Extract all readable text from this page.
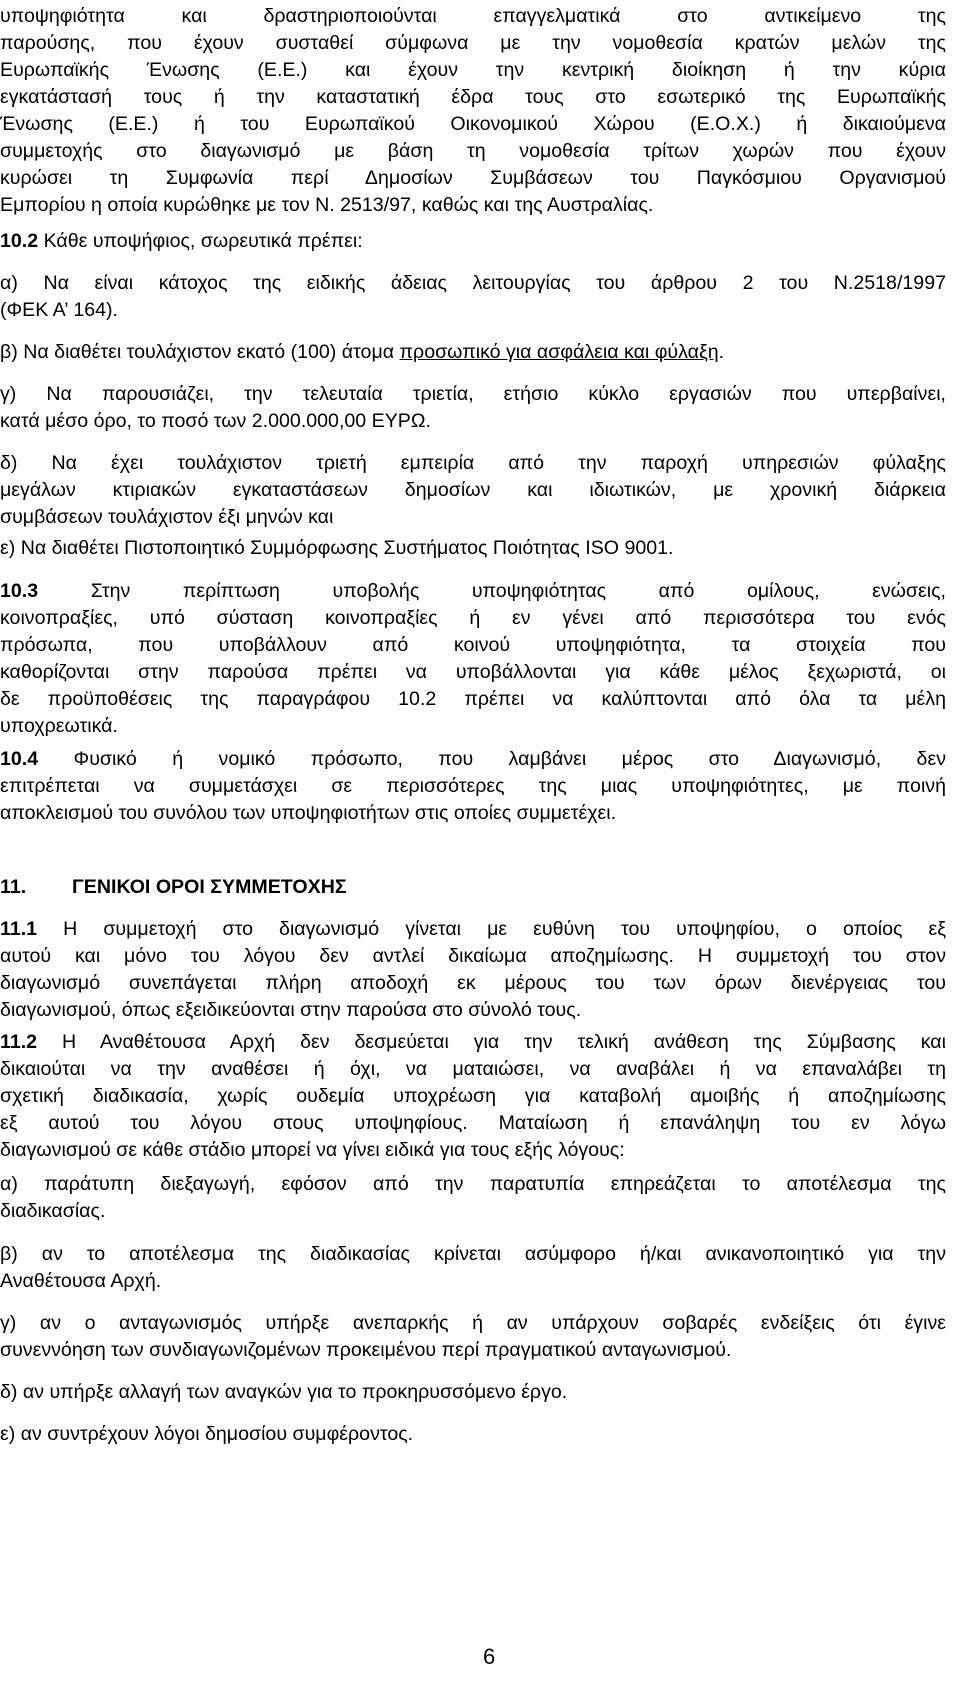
υποψηφιότητα και δραστηριοποιούνται επαγγελματικά στο αντικείμενο της
παρούσης, που έχουν συσταθεί σύμφωνα με την νομοθεσία κρατών μελών της
Ευρωπαϊκής Ένωσης (Ε.Ε.) και έχουν την κεντρική διοίκηση ή την κύρια
εγκατάστασή τους ή την καταστατική έδρα τους στο εσωτερικό της Ευρωπαϊκής
Ένωσης (Ε.Ε.) ή του Ευρωπαϊκού Οικονομικού Χώρου (Ε.Ο.Χ.) ή δικαιούμενα
συμμετοχής στο διαγωνισμό με βάση τη νομοθεσία τρίτων χωρών που έχουν
κυρώσει τη Συμφωνία περί Δημοσίων Συμβάσεων του Παγκόσμιου Οργανισμού
Εμπορίου η οποία κυρώθηκε με τον Ν. 2513/97, καθώς και της Αυστραλίας.
10.2 Κάθε υποψήφιος, σωρευτικά πρέπει:
α) Να είναι κάτοχος της ειδικής άδειας λειτουργίας του άρθρου 2 του Ν.2518/1997
(ΦΕΚ Α’ 164).
β) Να διαθέτει τουλάχιστον εκατό (100) άτομα προσωπικό για ασφάλεια και φύλαξη.
γ) Να παρουσιάζει, την τελευταία τριετία, ετήσιο κύκλο εργασιών που υπερβαίνει,
κατά μέσο όρο, το ποσό των 2.000.000,00 ΕΥΡΩ.
δ) Να έχει τουλάχιστον τριετή εμπειρία από την παροχή υπηρεσιών φύλαξης
μεγάλων κτιριακών εγκαταστάσεων δημοσίων και ιδιωτικών, με χρονική διάρκεια
συμβάσεων τουλάχιστον έξι μηνών και
ε) Να διαθέτει Πιστοποιητικό Συμμόρφωσης Συστήματος Ποιότητας ISO 9001.
10.3 Στην περίπτωση υποβολής υποψηφιότητας από ομίλους, ενώσεις,
κοινοπραξίες, υπό σύσταση κοινοπραξίες ή εν γένει από περισσότερα του ενός
πρόσωπα, που υποβάλλουν από κοινού υποψηφιότητα, τα στοιχεία που
καθορίζονται στην παρούσα πρέπει να υποβάλλονται για κάθε μέλος ξεχωριστά, οι
δε προϋποθέσεις της παραγράφου 10.2 πρέπει να καλύπτονται από όλα τα μέλη
υποχρεωτικά.
10.4 Φυσικό ή νομικό πρόσωπο, που λαμβάνει μέρος στο Διαγωνισμό, δεν
επιτρέπεται να συμμετάσχει σε περισσότερες της μιας υποψηφιότητες, με ποινή
αποκλεισμού του συνόλου των υποψηφιοτήτων στις οποίες συμμετέχει.
11. ΓΕΝΙΚΟΙ ΟΡΟΙ ΣΥΜΜΕΤΟΧΗΣ
11.1 Η συμμετοχή στο διαγωνισμό γίνεται με ευθύνη του υποψηφίου, ο οποίος εξ
αυτού και μόνο του λόγου δεν αντλεί δικαίωμα αποζημίωσης. Η συμμετοχή του στον
διαγωνισμό συνεπάγεται πλήρη αποδοχή εκ μέρους του των όρων διενέργειας του
διαγωνισμού, όπως εξειδικεύονται στην παρούσα στο σύνολό τους.
11.2 Η Αναθέτουσα Αρχή δεν δεσμεύεται για την τελική ανάθεση της Σύμβασης και
δικαιούται να την αναθέσει ή όχι, να ματαιώσει, να αναβάλει ή να επαναλάβει τη
σχετική διαδικασία, χωρίς ουδεμία υποχρέωση για καταβολή αμοιβής ή αποζημίωσης
εξ αυτού του λόγου στους υποψηφίους. Ματαίωση ή επανάληψη του εν λόγω
διαγωνισμού σε κάθε στάδιο μπορεί να γίνει ειδικά για τους εξής λόγους:
α) παράτυπη διεξαγωγή, εφόσον από την παρατυπία επηρεάζεται το αποτέλεσμα της
διαδικασίας.
β) αν το αποτέλεσμα της διαδικασίας κρίνεται ασύμφορο ή/και ανικανοποιητικό για την
Αναθέτουσα Αρχή.
γ) αν ο ανταγωνισμός υπήρξε ανεπαρκής ή αν υπάρχουν σοβαρές ενδείξεις ότι έγινε
συνεννόηση των συνδιαγωνιζομένων προκειμένου περί πραγματικού ανταγωνισμού.
δ) αν υπήρξε αλλαγή των αναγκών για το προκηρυσσόμενο έργο.
ε) αν συντρέχουν λόγοι δημοσίου συμφέροντος.
6
